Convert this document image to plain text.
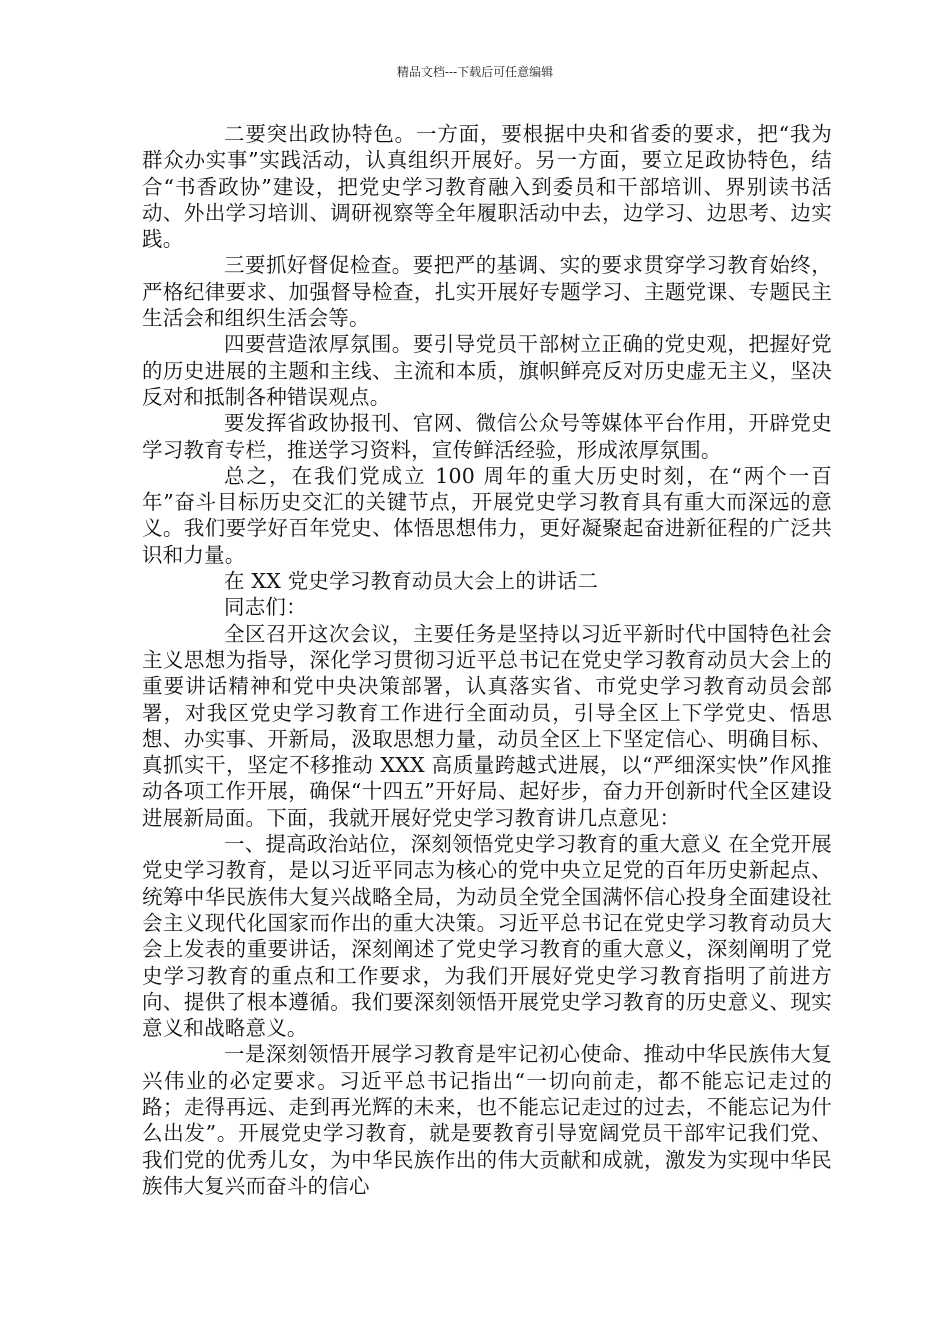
精品文档---下载后可任意编辑

二要突出政协特色。一方面，要根据中央和省委的要求，把“我为群众办实事”实践活动，认真组织开展好。另一方面，要立足政协特色，结合“书香政协”建设，把党史学习教育融入到委员和干部培训、界别读书活动、外出学习培训、调研视察等全年履职活动中去，边学习、边思考、边实践。

三要抓好督促检查。要把严的基调、实的要求贯穿学习教育始终，严格纪律要求、加强督导检查，扎实开展好专题学习、主题党课、专题民主生活会和组织生活会等。

四要营造浓厚氛围。要引导党员干部树立正确的党史观，把握好党的历史进展的主题和主线、主流和本质，旗帜鲜亮反对历史虚无主义，坚决反对和抵制各种错误观点。

要发挥省政协报刊、官网、微信公众号等媒体平台作用，开辟党史学习教育专栏，推送学习资料，宣传鲜活经验，形成浓厚氛围。

总之，在我们党成立 100 周年的重大历史时刻，在“两个一百年”奋斗目标历史交汇的关键节点，开展党史学习教育具有重大而深远的意义。我们要学好百年党史、体悟思想伟力，更好凝聚起奋进新征程的广泛共识和力量。

在 XX 党史学习教育动员大会上的讲话二

同志们：

全区召开这次会议，主要任务是坚持以习近平新时代中国特色社会主义思想为指导，深化学习贯彻习近平总书记在党史学习教育动员大会上的重要讲话精神和党中央决策部署，认真落实省、市党史学习教育动员会部署，对我区党史学习教育工作进行全面动员，引导全区上下学党史、悟思想、办实事、开新局，汲取思想力量，动员全区上下坚定信心、明确目标、真抓实干，坚定不移推动 XXX 高质量跨越式进展，以“严细深实快”作风推动各项工作开展，确保“十四五”开好局、起好步，奋力开创新时代全区建设进展新局面。下面，我就开展好党史学习教育讲几点意见：

一、提高政治站位，深刻领悟党史学习教育的重大意义 在全党开展党史学习教育，是以习近平同志为核心的党中央立足党的百年历史新起点、统筹中华民族伟大复兴战略全局，为动员全党全国满怀信心投身全面建设社会主义现代化国家而作出的重大决策。习近平总书记在党史学习教育动员大会上发表的重要讲话，深刻阐述了党史学习教育的重大意义，深刻阐明了党史学习教育的重点和工作要求，为我们开展好党史学习教育指明了前进方向、提供了根本遵循。我们要深刻领悟开展党史学习教育的历史意义、现实意义和战略意义。

一是深刻领悟开展学习教育是牢记初心使命、推动中华民族伟大复兴伟业的必定要求。习近平总书记指出“一切向前走，都不能忘记走过的路；走得再远、走到再光辉的未来，也不能忘记走过的过去，不能忘记为什么出发”。开展党史学习教育，就是要教育引导宽阔党员干部牢记我们党、我们党的优秀儿女，为中华民族作出的伟大贡献和成就，激发为实现中华民族伟大复兴而奋斗的信心
